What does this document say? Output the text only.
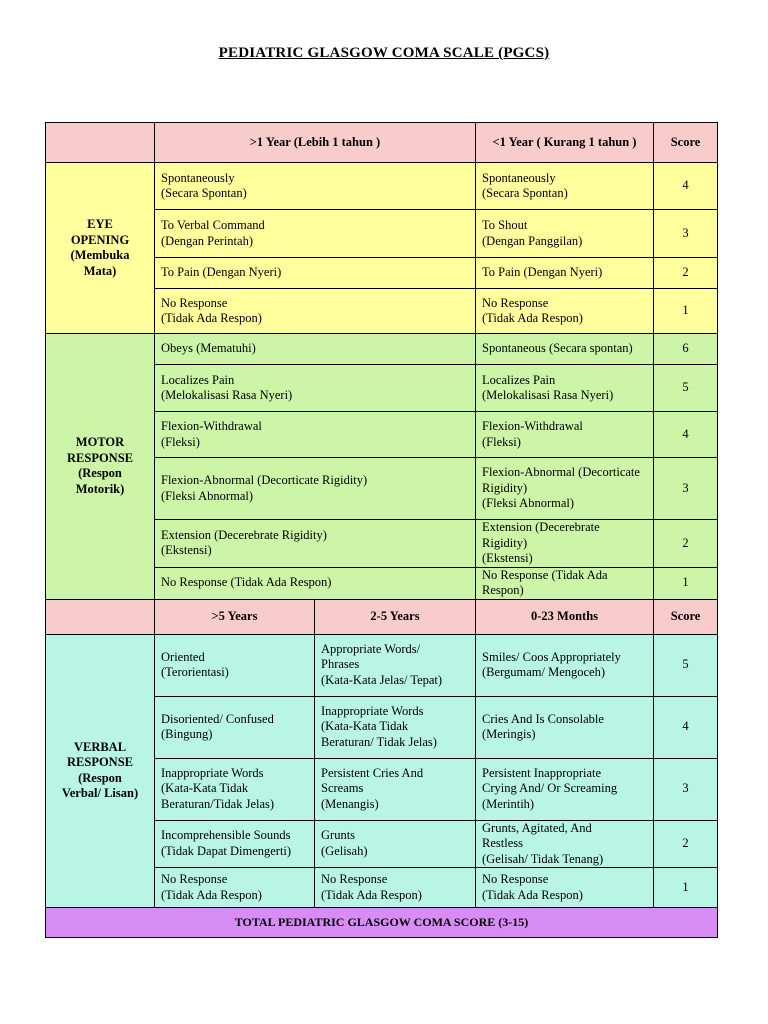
PEDIATRIC GLASGOW COMA SCALE (PGCS)
	>1 Year (Lebih 1 tahun )		<1 Year ( Kurang 1 tahun )	Score

EYE
OPENING
(Membuka
Mata)	Spontaneously
(Secara Spontan)		Spontaneously
(Secara Spontan)	4

	To Verbal Command
(Dengan Perintah)		To Shout
(Dengan Panggilan)	3

	To Pain (Dengan Nyeri)		To Pain (Dengan Nyeri)	2

	No Response
(Tidak Ada Respon)		No Response
(Tidak Ada Respon)	1

MOTOR
RESPONSE
(Respon
Motorik)	Obeys (Mematuhi)		Spontaneous (Secara spontan)	6

	Localizes Pain
(Melokalisasi Rasa Nyeri)		Localizes Pain
(Melokalisasi Rasa Nyeri)	5

	Flexion-Withdrawal
(Fleksi)		Flexion-Withdrawal
(Fleksi)	4

	Flexion-Abnormal (Decorticate Rigidity)
(Fleksi Abnormal)		Flexion-Abnormal (Decorticate
Rigidity)
(Fleksi Abnormal)	3

	Extension (Decerebrate Rigidity)
(Ekstensi)		Extension (Decerebrate Rigidity)
(Ekstensi)	2

	No Response (Tidak Ada Respon)		No Response (Tidak Ada Respon)	1
	>5 Years	2-5 Years	0-23 Months	Score

VERBAL
RESPONSE
(Respon
Verbal/ Lisan)	Oriented
(Terorientasi)	Appropriate Words/
Phrases
(Kata-Kata Jelas/ Tepat)	Smiles/ Coos Appropriately
(Bergumam/ Mengoceh)	5

	Disoriented/ Confused
(Bingung)	Inappropriate Words
(Kata-Kata Tidak
Beraturan/ Tidak Jelas)	Cries And Is Consolable
(Meringis)	4

	Inappropriate Words
(Kata-Kata Tidak
Beraturan/Tidak Jelas)	Persistent Cries And
Screams
(Menangis)	Persistent Inappropriate
Crying And/ Or Screaming
(Merintih)	3

	Incomprehensible Sounds
(Tidak Dapat Dimengerti)	Grunts
(Gelisah)	Grunts, Agitated, And
Restless
(Gelisah/ Tidak Tenang)	2

	No Response
(Tidak Ada Respon)	No Response
(Tidak Ada Respon)	No Response
(Tidak Ada Respon)	1
TOTAL PEDIATRIC GLASGOW COMA SCORE (3-15)				
